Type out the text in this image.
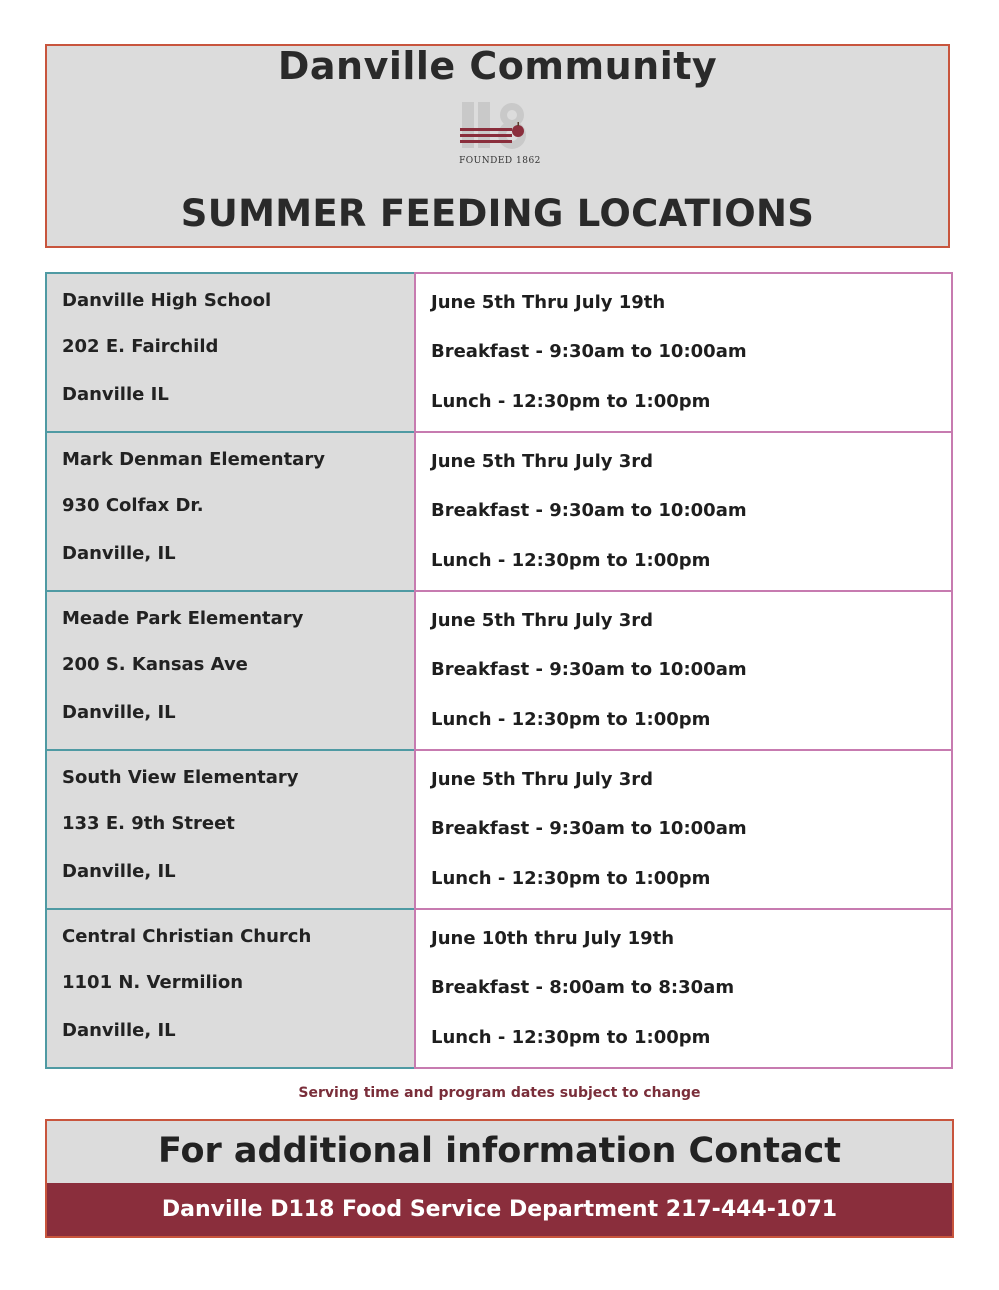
Danville Community
FOUNDED 1862
SUMMER FEEDING LOCATIONS
Danville High School
202 E. Fairchild
Danville IL
June 5th Thru July 19th
Breakfast - 9:30am to 10:00am
Lunch - 12:30pm to 1:00pm
Mark Denman Elementary
930 Colfax Dr.
Danville, IL
June 5th Thru July 3rd
Breakfast - 9:30am to 10:00am
Lunch - 12:30pm to 1:00pm
Meade Park Elementary
200 S. Kansas Ave
Danville, IL
June 5th Thru July 3rd
Breakfast - 9:30am to 10:00am
Lunch - 12:30pm to 1:00pm
South View Elementary
133 E. 9th Street
Danville, IL
June 5th Thru July 3rd
Breakfast - 9:30am to 10:00am
Lunch - 12:30pm to 1:00pm
Central Christian Church
1101 N. Vermilion
Danville, IL
June 10th thru July 19th
Breakfast - 8:00am to 8:30am
Lunch - 12:30pm to 1:00pm
Serving time and program dates subject to change
For additional information Contact
Danville D118 Food Service Department 217-444-1071
